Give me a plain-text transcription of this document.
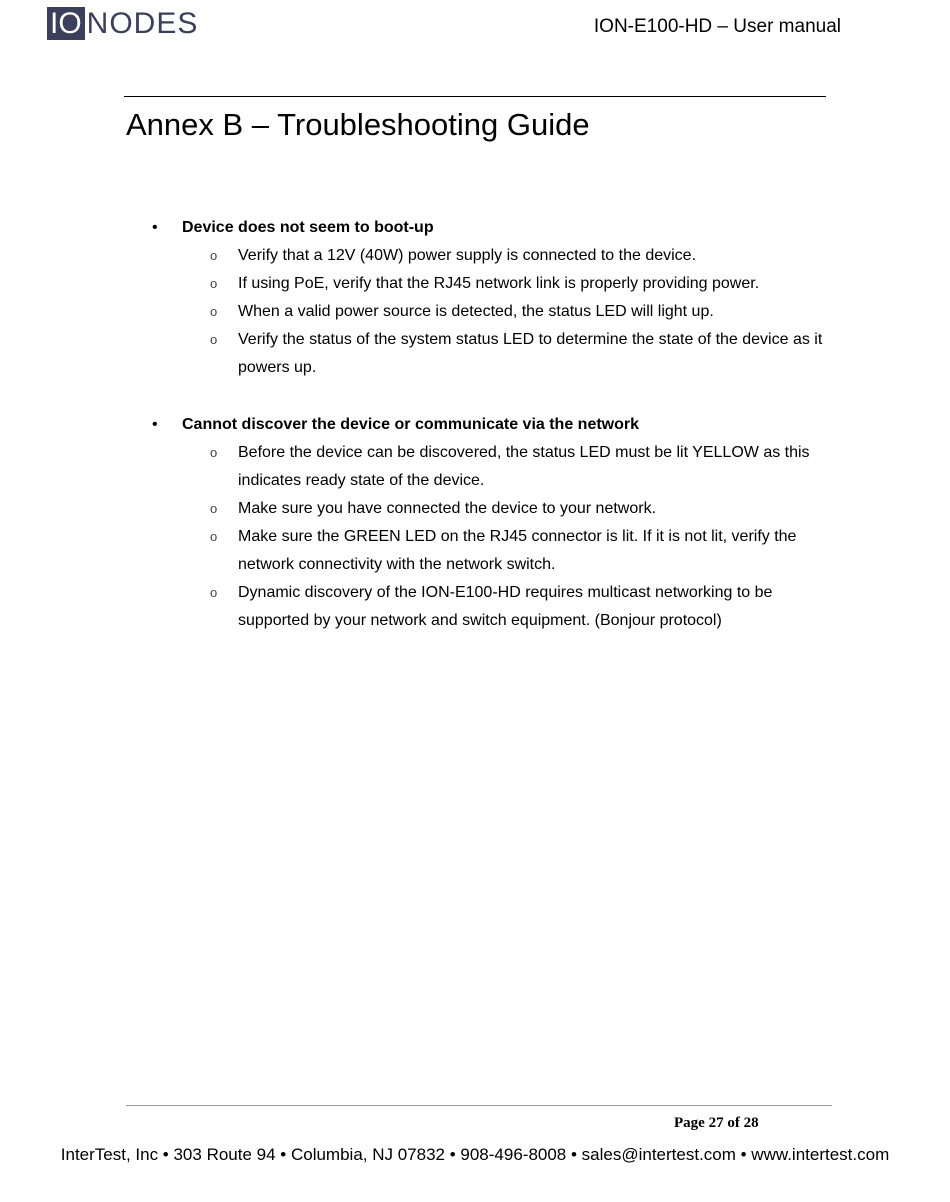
IO NODES	ION-E100-HD – User manual
Annex B – Troubleshooting Guide
• Device does not seem to boot-up
o Verify that a 12V (40W) power supply is connected to the device.
o If using PoE, verify that the RJ45 network link is properly providing power.
o When a valid power source is detected, the status LED will light up.
o Verify the status of the system status LED to determine the state of the device as it powers up.
• Cannot discover the device or communicate via the network
o Before the device can be discovered, the status LED must be lit YELLOW as this indicates ready state of the device.
o Make sure you have connected the device to your network.
o Make sure the GREEN LED on the RJ45 connector is lit. If it is not lit, verify the network connectivity with the network switch.
o Dynamic discovery of the ION-E100-HD requires multicast networking to be supported by your network and switch equipment. (Bonjour protocol)
Page 27 of 28
InterTest, Inc • 303 Route 94 • Columbia, NJ 07832 • 908-496-8008 • sales@intertest.com • www.intertest.com
